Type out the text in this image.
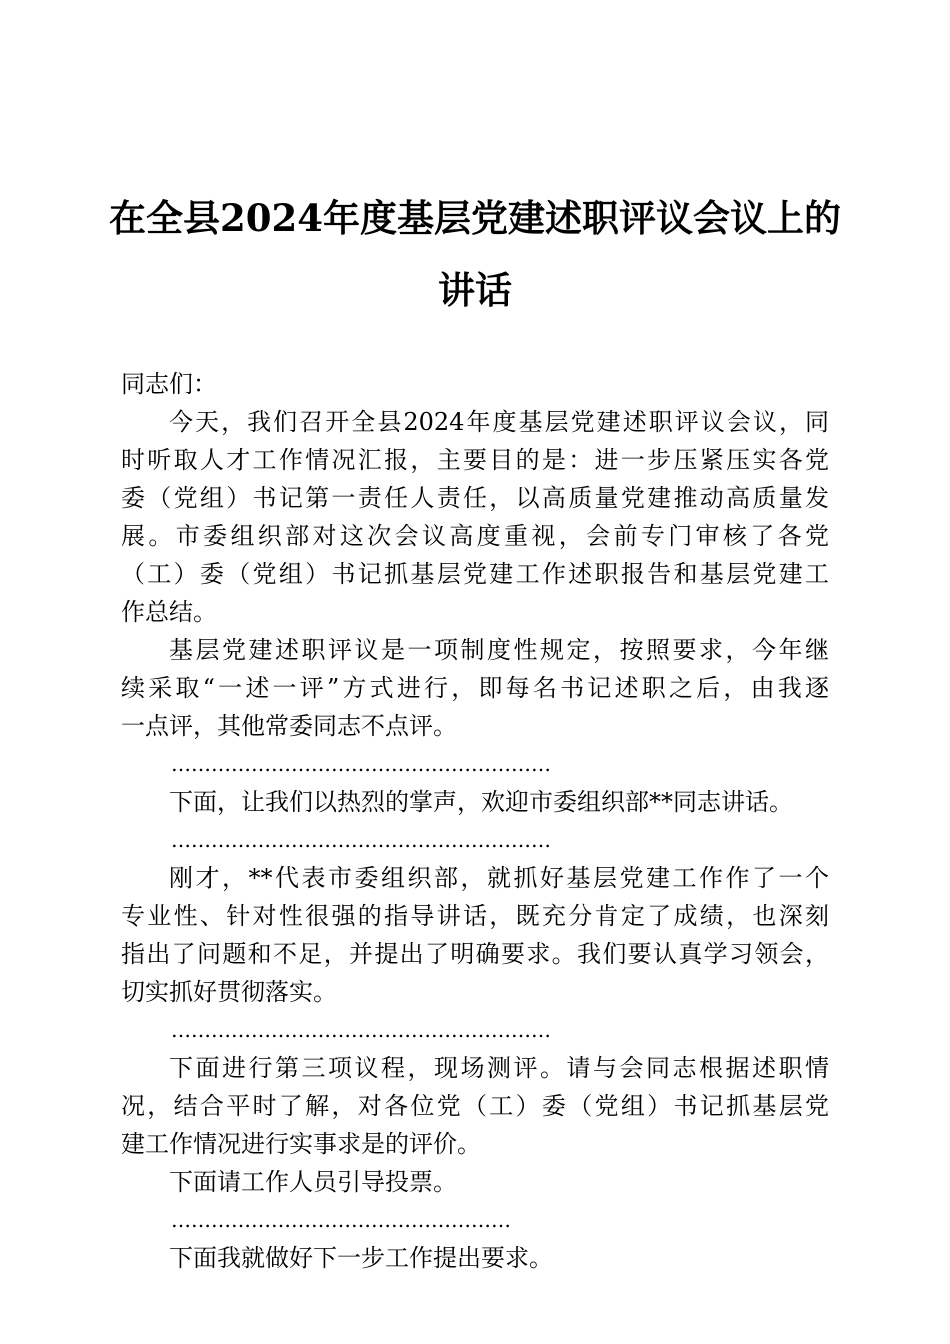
在全县2024年度基层党建述职评议会议上的
讲话
同志们：
今天，我们召开全县2024年度基层党建述职评议会议，同
时听取人才工作情况汇报，主要目的是：进一步压紧压实各党
委（党组）书记第一责任人责任，以高质量党建推动高质量发
展。市委组织部对这次会议高度重视，会前专门审核了各党
（工）委（党组）书记抓基层党建工作述职报告和基层党建工
作总结。
基层党建述职评议是一项制度性规定，按照要求，今年继
续采取“一述一评”方式进行，即每名书记述职之后，由我逐
一点评，其他常委同志不点评。
…………………………………………………
下面，让我们以热烈的掌声，欢迎市委组织部**同志讲话。
…………………………………………………
刚才，**代表市委组织部，就抓好基层党建工作作了一个
专业性、针对性很强的指导讲话，既充分肯定了成绩，也深刻
指出了问题和不足，并提出了明确要求。我们要认真学习领会，
切实抓好贯彻落实。
…………………………………………………
下面进行第三项议程，现场测评。请与会同志根据述职情
况，结合平时了解，对各位党（工）委（党组）书记抓基层党
建工作情况进行实事求是的评价。
下面请工作人员引导投票。
……………………………………………
下面我就做好下一步工作提出要求。
